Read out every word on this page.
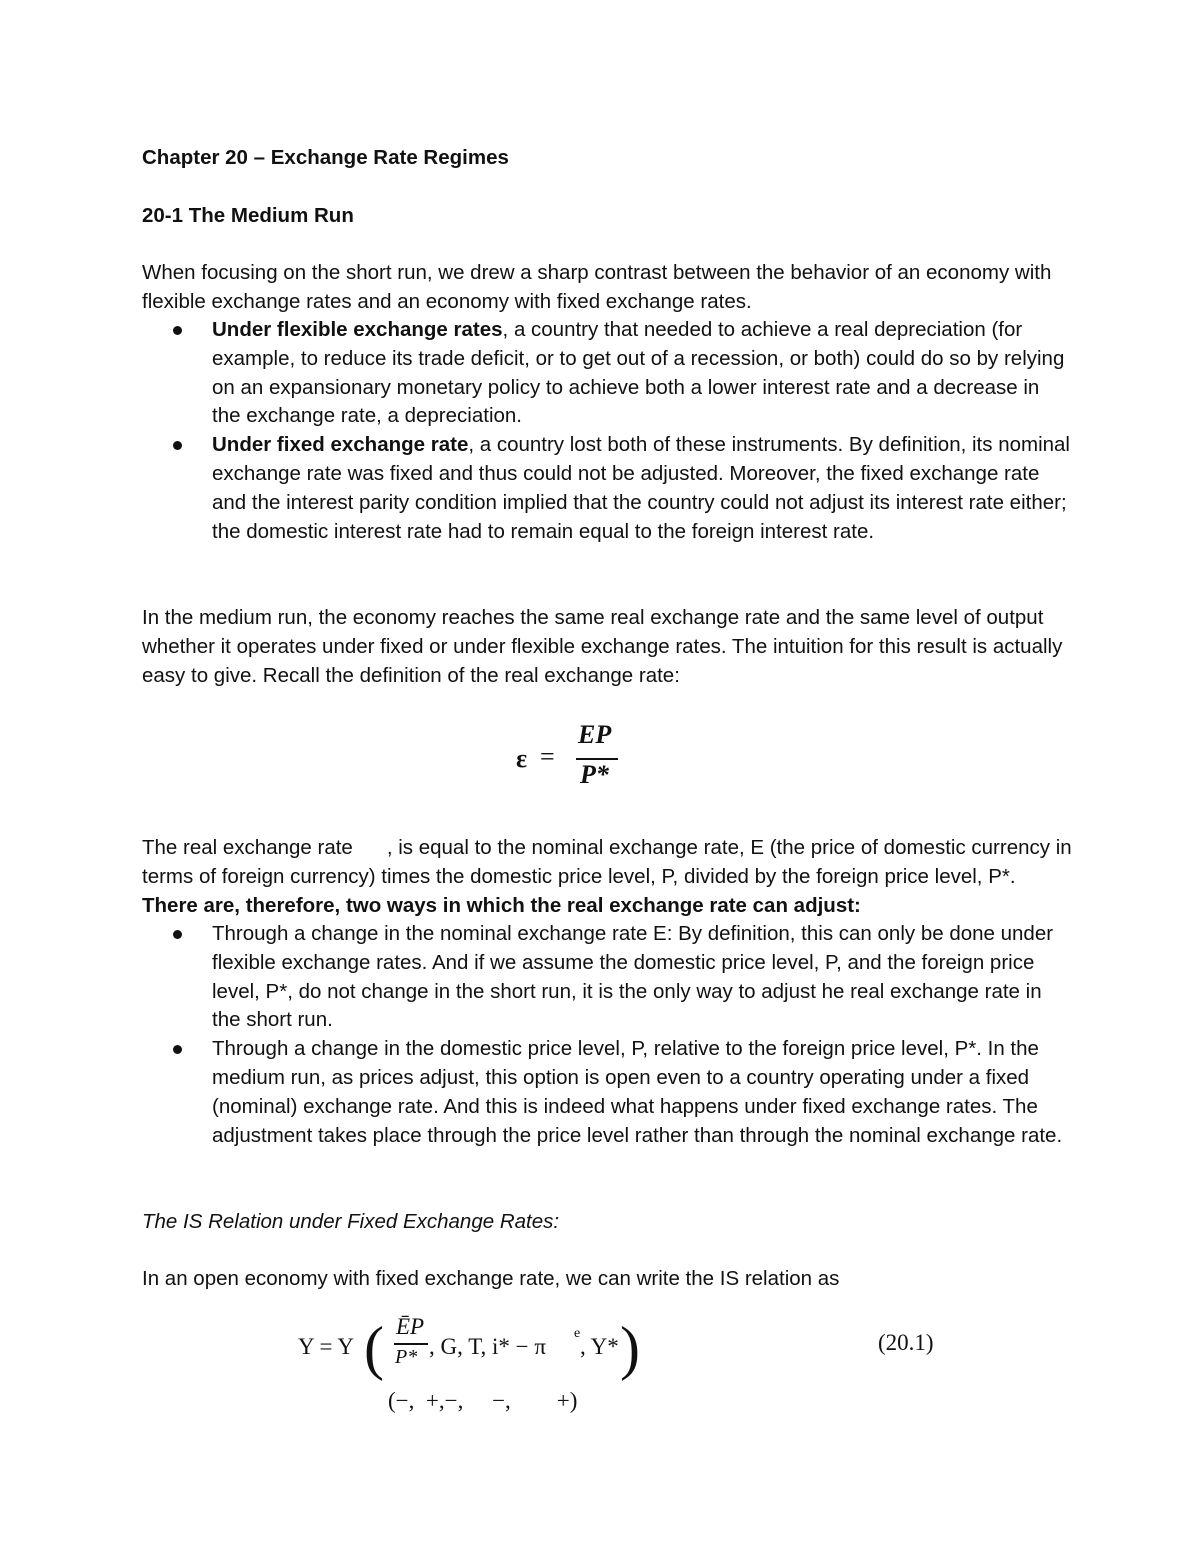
Chapter 20 – Exchange Rate Regimes
20-1 The Medium Run
When focusing on the short run, we drew a sharp contrast between the behavior of an economy with flexible exchange rates and an economy with fixed exchange rates.
Under flexible exchange rates, a country that needed to achieve a real depreciation (for example, to reduce its trade deficit, or to get out of a recession, or both) could do so by relying on an expansionary monetary policy to achieve both a lower interest rate and a decrease in the exchange rate, a depreciation.
Under fixed exchange rate, a country lost both of these instruments. By definition, its nominal exchange rate was fixed and thus could not be adjusted. Moreover, the fixed exchange rate and the interest parity condition implied that the country could not adjust its interest rate either; the domestic interest rate had to remain equal to the foreign interest rate.
In the medium run, the economy reaches the same real exchange rate and the same level of output whether it operates under fixed or under flexible exchange rates. The intuition for this result is actually easy to give. Recall the definition of the real exchange rate:
ε =
EP
P*
The real exchange rate , is equal to the nominal exchange rate, E (the price of domestic currency in terms of foreign currency) times the domestic price level, P, divided by the foreign price level, P*. There are, therefore, two ways in which the real exchange rate can adjust:
Through a change in the nominal exchange rate E: By definition, this can only be done under flexible exchange rates. And if we assume the domestic price level, P, and the foreign price level, P*, do not change in the short run, it is the only way to adjust he real exchange rate in the short run.
Through a change in the domestic price level, P, relative to the foreign price level, P*. In the medium run, as prices adjust, this option is open even to a country operating under a fixed (nominal) exchange rate. And this is indeed what happens under fixed exchange rates. The adjustment takes place through the price level rather than through the nominal exchange rate.
The IS Relation under Fixed Exchange Rates:
In an open economy with fixed exchange rate, we can write the IS relation as
Y = Y ( ĒP
P* , G, T, i* − π
e
, Y* )
(−,  +,−,     −,        +)
(20.1)
